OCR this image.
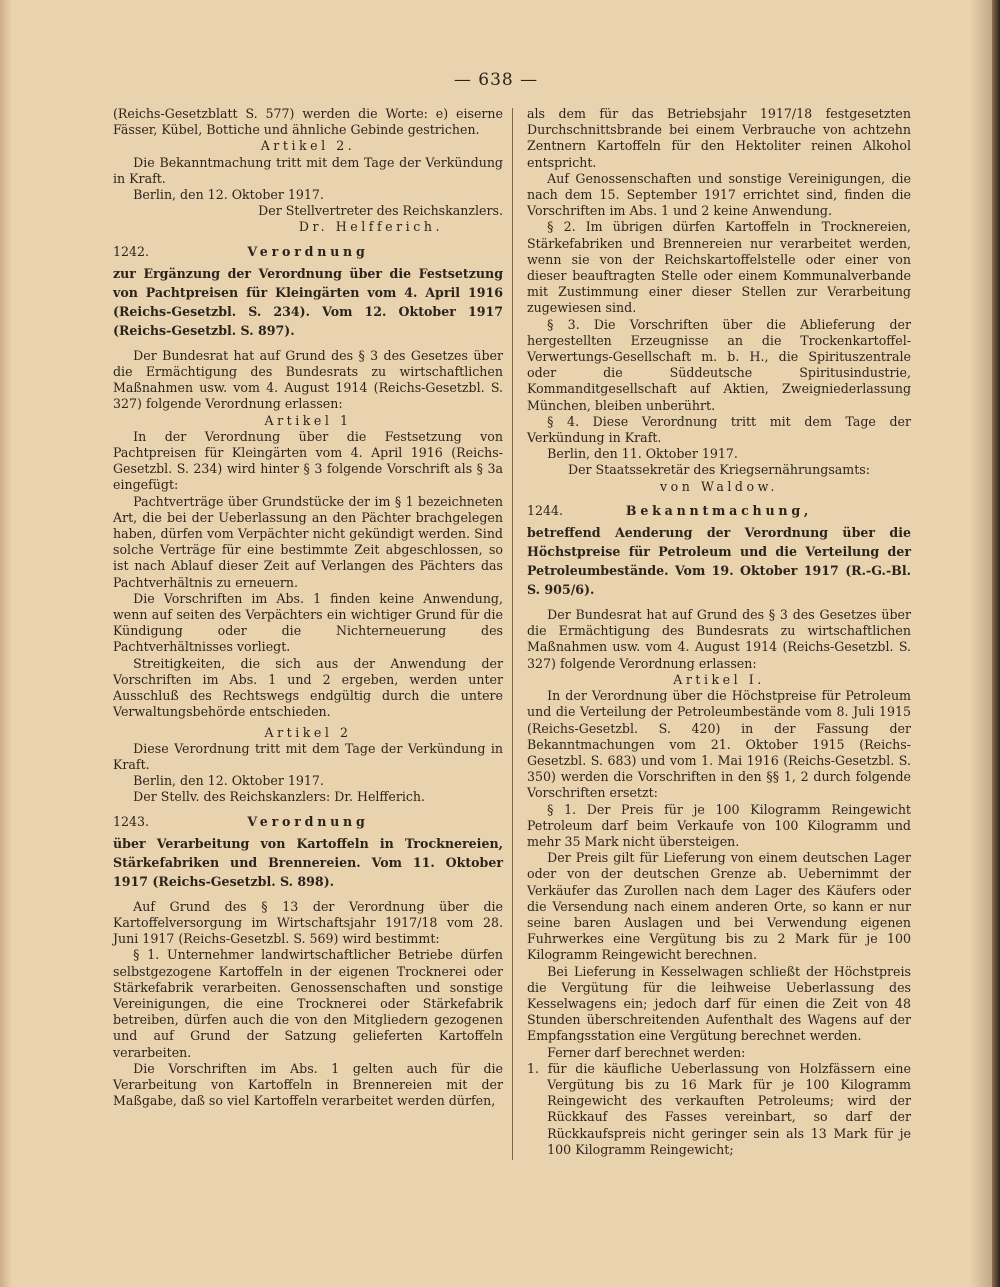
— 638 —

(Reichs-Gesetzblatt S. 577) werden die Worte: e) eiserne Fässer, Kübel, Bottiche und ähnliche Gebinde gestrichen.

Artikel 2.

Die Bekanntmachung tritt mit dem Tage der Verkündung in Kraft.

Berlin, den 12. Oktober 1917.

Der Stellvertreter des Reichskanzlers.

Dr. Helfferich.

1242.	Verordnung

zur Ergänzung der Verordnung über die Festsetzung von Pachtpreisen für Kleingärten vom 4. April 1916 (Reichs-Gesetzbl. S. 234). Vom 12. Oktober 1917 (Reichs-Gesetzbl. S. 897).

Der Bundesrat hat auf Grund des § 3 des Gesetzes über die Ermächtigung des Bundesrats zu wirtschaftlichen Maßnahmen usw. vom 4. August 1914 (Reichs-Gesetzbl. S. 327) folgende Verordnung erlassen:

Artikel 1

In der Verordnung über die Festsetzung von Pachtpreisen für Kleingärten vom 4. April 1916 (Reichs-Gesetzbl. S. 234) wird hinter § 3 folgende Vorschrift als § 3a eingefügt:

Pachtverträge über Grundstücke der im § 1 bezeichneten Art, die bei der Ueberlassung an den Pächter brachgelegen haben, dürfen vom Verpächter nicht gekündigt werden. Sind solche Verträge für eine bestimmte Zeit abgeschlossen, so ist nach Ablauf dieser Zeit auf Verlangen des Pächters das Pachtverhältnis zu erneuern.

Die Vorschriften im Abs. 1 finden keine Anwendung, wenn auf seiten des Verpächters ein wichtiger Grund für die Kündigung oder die Nichterneuerung des Pachtverhältnisses vorliegt.

Streitigkeiten, die sich aus der Anwendung der Vorschriften im Abs. 1 und 2 ergeben, werden unter Ausschluß des Rechtswegs endgültig durch die untere Verwaltungsbehörde entschieden.

Artikel 2

Diese Verordnung tritt mit dem Tage der Verkündung in Kraft.

Berlin, den 12. Oktober 1917.

Der Stellv. des Reichskanzlers: Dr. Helfferich.

1243.	Verordnung

über Verarbeitung von Kartoffeln in Trocknereien, Stärkefabriken und Brennereien. Vom 11. Oktober 1917 (Reichs-Gesetzbl. S. 898).

Auf Grund des § 13 der Verordnung über die Kartoffelversorgung im Wirtschaftsjahr 1917/18 vom 28. Juni 1917 (Reichs-Gesetzbl. S. 569) wird bestimmt:

§ 1. Unternehmer landwirtschaftlicher Betriebe dürfen selbstgezogene Kartoffeln in der eigenen Trocknerei oder Stärkefabrik verarbeiten. Genossenschaften und sonstige Vereinigungen, die eine Trocknerei oder Stärkefabrik betreiben, dürfen auch die von den Mitgliedern gezogenen und auf Grund der Satzung gelieferten Kartoffeln verarbeiten.

Die Vorschriften im Abs. 1 gelten auch für die Verarbeitung von Kartoffeln in Brennereien mit der Maßgabe, daß so viel Kartoffeln verarbeitet werden dürfen,

als dem für das Betriebsjahr 1917/18 festgesetzten Durchschnittsbrande bei einem Verbrauche von achtzehn Zentnern Kartoffeln für den Hektoliter reinen Alkohol entspricht.

Auf Genossenschaften und sonstige Vereinigungen, die nach dem 15. September 1917 errichtet sind, finden die Vorschriften im Abs. 1 und 2 keine Anwendung.

§ 2. Im übrigen dürfen Kartoffeln in Trocknereien, Stärkefabriken und Brennereien nur verarbeitet werden, wenn sie von der Reichskartoffelstelle oder einer von dieser beauftragten Stelle oder einem Kommunalverbande mit Zustimmung einer dieser Stellen zur Verarbeitung zugewiesen sind.

§ 3. Die Vorschriften über die Ablieferung der hergestellten Erzeugnisse an die Trockenkartoffel-Verwertungs-Gesellschaft m. b. H., die Spirituszentrale oder die Süddeutsche Spiritusindustrie, Kommanditgesellschaft auf Aktien, Zweigniederlassung München, bleiben unberührt.

§ 4. Diese Verordnung tritt mit dem Tage der Verkündung in Kraft.

Berlin, den 11. Oktober 1917.

Der Staatssekretär des Kriegsernährungsamts:

von Waldow.

1244.	Bekanntmachung,

betreffend Aenderung der Verordnung über die Höchstpreise für Petroleum und die Verteilung der Petroleumbestände. Vom 19. Oktober 1917 (R.-G.-Bl. S. 905/6).

Der Bundesrat hat auf Grund des § 3 des Gesetzes über die Ermächtigung des Bundesrats zu wirtschaftlichen Maßnahmen usw. vom 4. August 1914 (Reichs-Gesetzbl. S. 327) folgende Verordnung erlassen:

Artikel I.

In der Verordnung über die Höchstpreise für Petroleum und die Verteilung der Petroleumbestände vom 8. Juli 1915 (Reichs-Gesetzbl. S. 420) in der Fassung der Bekanntmachungen vom 21. Oktober 1915 (Reichs-Gesetzbl. S. 683) und vom 1. Mai 1916 (Reichs-Gesetzbl. S. 350) werden die Vorschriften in den §§ 1, 2 durch folgende Vorschriften ersetzt:

§ 1. Der Preis für je 100 Kilogramm Reingewicht Petroleum darf beim Verkaufe von 100 Kilogramm und mehr 35 Mark nicht übersteigen.

Der Preis gilt für Lieferung von einem deutschen Lager oder von der deutschen Grenze ab. Uebernimmt der Verkäufer das Zurollen nach dem Lager des Käufers oder die Versendung nach einem anderen Orte, so kann er nur seine baren Auslagen und bei Verwendung eigenen Fuhrwerkes eine Vergütung bis zu 2 Mark für je 100 Kilogramm Reingewicht berechnen.

Bei Lieferung in Kesselwagen schließt der Höchstpreis die Vergütung für die leihweise Ueberlassung des Kesselwagens ein; jedoch darf für einen die Zeit von 48 Stunden überschreitenden Aufenthalt des Wagens auf der Empfangsstation eine Vergütung berechnet werden.

Ferner darf berechnet werden:

1. für die käufliche Ueberlassung von Holzfässern eine Vergütung bis zu 16 Mark für je 100 Kilogramm Reingewicht des verkauften Petroleums; wird der Rückkauf des Fasses vereinbart, so darf der Rückkaufspreis nicht geringer sein als 13 Mark für je 100 Kilogramm Reingewicht;
